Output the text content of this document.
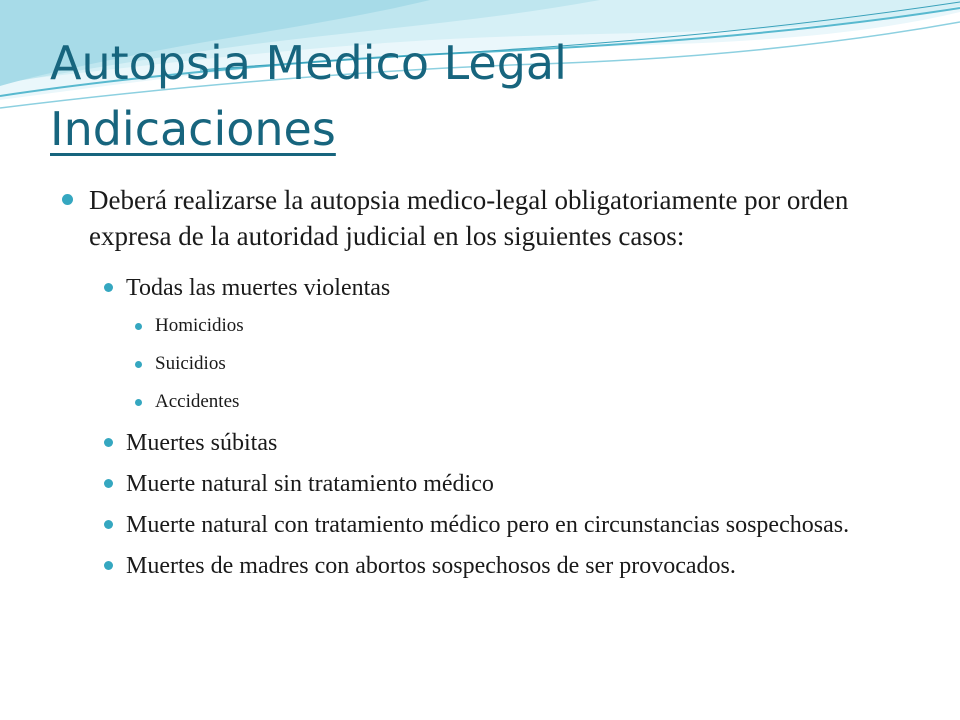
Autopsia Medico Legal
Indicaciones
Deberá realizarse la autopsia medico-legal obligatoriamente por orden expresa de la autoridad judicial en los siguientes casos:
Todas las muertes violentas
Homicidios
Suicidios
Accidentes
Muertes súbitas
Muerte natural sin tratamiento médico
Muerte natural con tratamiento médico pero en circunstancias sospechosas.
Muertes de madres con abortos sospechosos de ser provocados.
